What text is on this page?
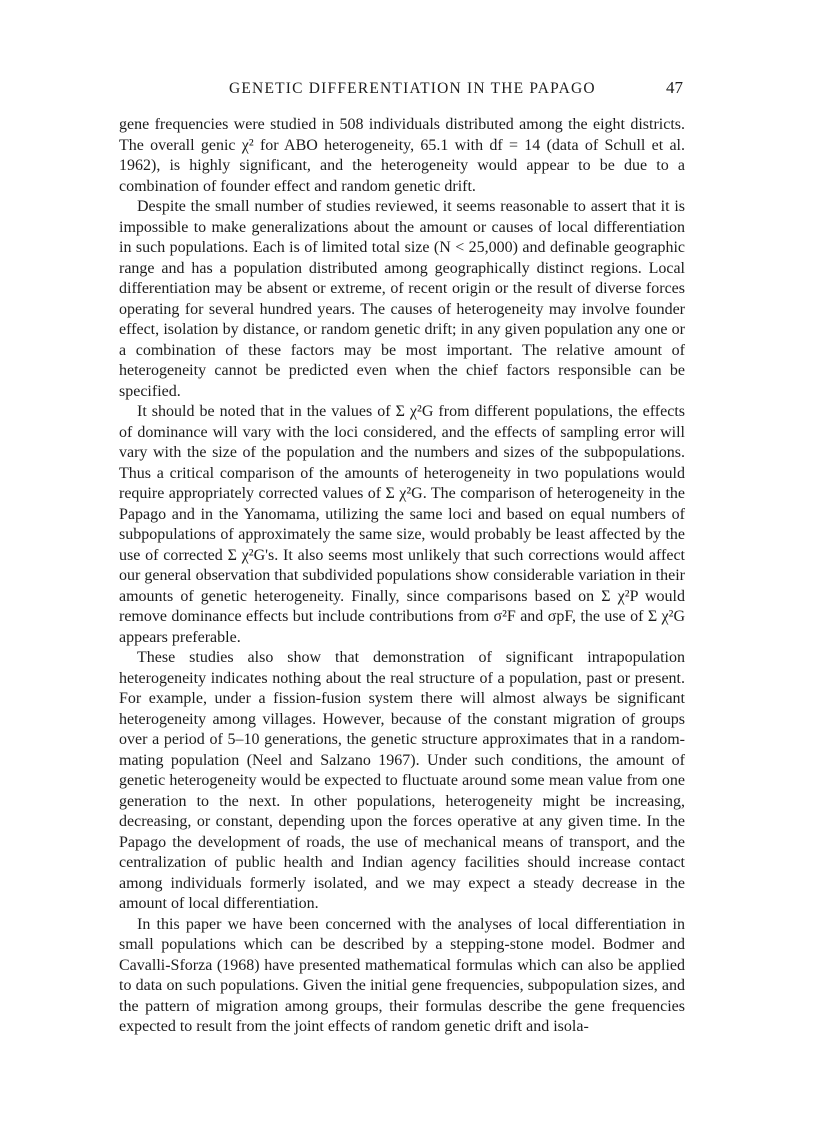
GENETIC DIFFERENTIATION IN THE PAPAGO	47

gene frequencies were studied in 508 individuals distributed among the eight districts. The overall genic χ² for ABO heterogeneity, 65.1 with df = 14 (data of Schull et al. 1962), is highly significant, and the heterogeneity would appear to be due to a combination of founder effect and random genetic drift.

Despite the small number of studies reviewed, it seems reasonable to assert that it is impossible to make generalizations about the amount or causes of local differentiation in such populations. Each is of limited total size (N < 25,000) and definable geographic range and has a population distributed among geographically distinct regions. Local differentiation may be absent or extreme, of recent origin or the result of diverse forces operating for several hundred years. The causes of heterogeneity may involve founder effect, isolation by distance, or random genetic drift; in any given population any one or a combination of these factors may be most important. The relative amount of heterogeneity cannot be predicted even when the chief factors responsible can be specified.

It should be noted that in the values of Σ χ²G from different populations, the effects of dominance will vary with the loci considered, and the effects of sampling error will vary with the size of the population and the numbers and sizes of the subpopulations. Thus a critical comparison of the amounts of heterogeneity in two populations would require appropriately corrected values of Σ χ²G. The comparison of heterogeneity in the Papago and in the Yanomama, utilizing the same loci and based on equal numbers of subpopulations of approximately the same size, would probably be least affected by the use of corrected Σ χ²G's. It also seems most unlikely that such corrections would affect our general observation that subdivided populations show considerable variation in their amounts of genetic heterogeneity. Finally, since comparisons based on Σ χ²P would remove dominance effects but include contributions from σ²F and σpF, the use of Σ χ²G appears preferable.

These studies also show that demonstration of significant intrapopulation heterogeneity indicates nothing about the real structure of a population, past or present. For example, under a fission-fusion system there will almost always be significant heterogeneity among villages. However, because of the constant migration of groups over a period of 5–10 generations, the genetic structure approximates that in a random-mating population (Neel and Salzano 1967). Under such conditions, the amount of genetic heterogeneity would be expected to fluctuate around some mean value from one generation to the next. In other populations, heterogeneity might be increasing, decreasing, or constant, depending upon the forces operative at any given time. In the Papago the development of roads, the use of mechanical means of transport, and the centralization of public health and Indian agency facilities should increase contact among individuals formerly isolated, and we may expect a steady decrease in the amount of local differentiation.

In this paper we have been concerned with the analyses of local differentiation in small populations which can be described by a stepping-stone model. Bodmer and Cavalli-Sforza (1968) have presented mathematical formulas which can also be applied to data on such populations. Given the initial gene frequencies, subpopulation sizes, and the pattern of migration among groups, their formulas describe the gene frequencies expected to result from the joint effects of random genetic drift and isola-
